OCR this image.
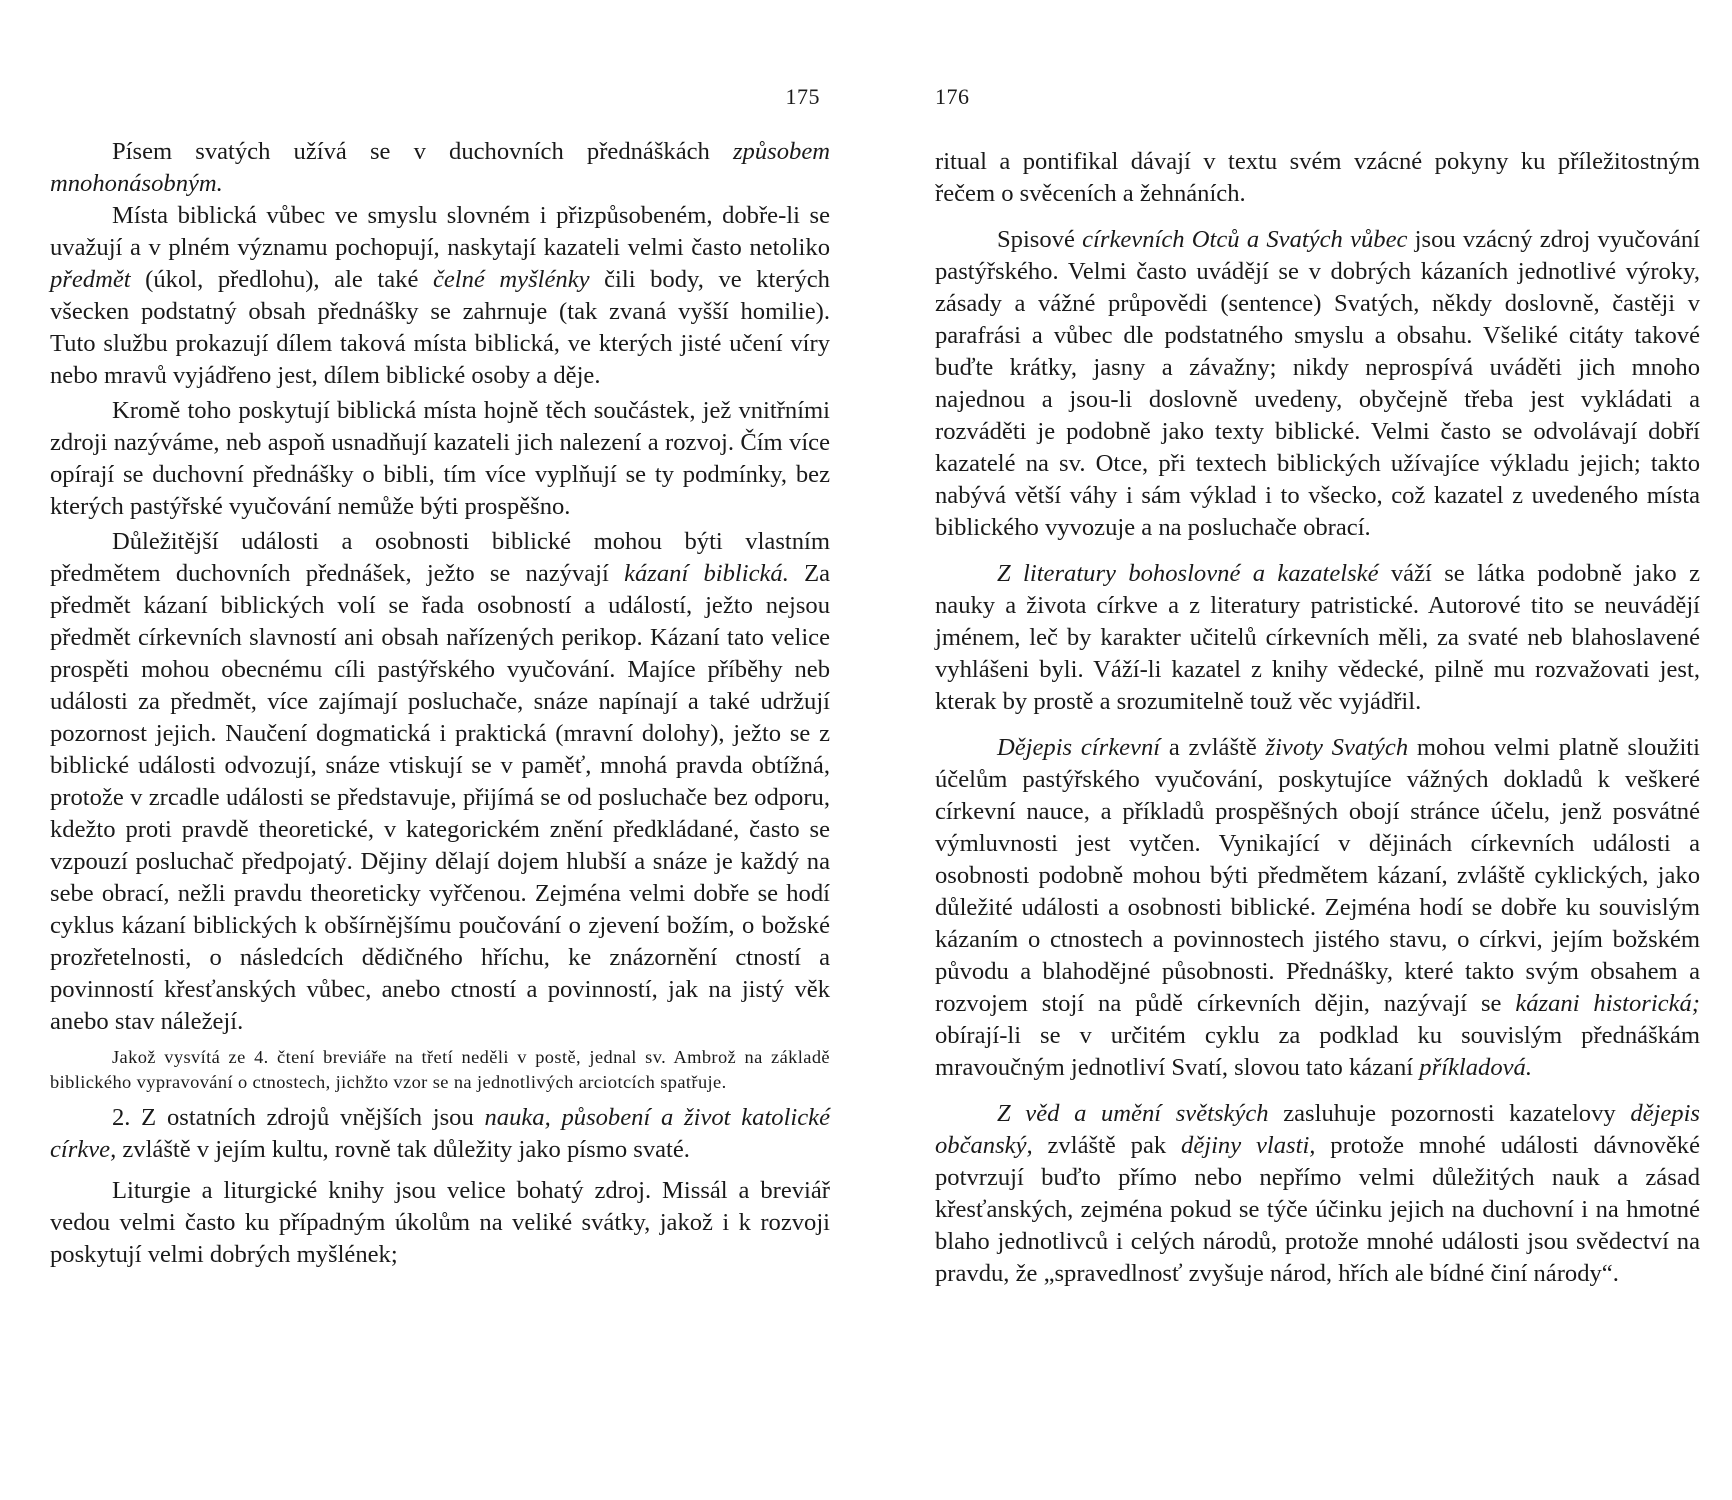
175

Písem svatých užívá se v duchovních přednáškách způsobem mnohonásobným.

Místa biblická vůbec ve smyslu slovném i přizpůsobeném, dobře-li se uvažují a v plném významu pochopují, naskytají kazateli velmi často netoliko předmět (úkol, předlohu), ale také čelné myšlénky čili body, ve kterých všecken podstatný obsah přednášky se zahrnuje (tak zvaná vyšší homilie). Tuto službu prokazují dílem taková místa biblická, ve kterých jisté učení víry nebo mravů vyjádřeno jest, dílem biblické osoby a děje.

Kromě toho poskytují biblická místa hojně těch součástek, jež vnitřními zdroji nazýváme, neb aspoň usnadňují kazateli jich nalezení a rozvoj. Čím více opírají se duchovní přednášky o bibli, tím více vyplňují se ty podmínky, bez kterých pastýřské vyučování nemůže býti prospěšno.

Důležitější události a osobnosti biblické mohou býti vlastním předmětem duchovních přednášek, ježto se nazývají kázaní biblická. Za předmět kázaní biblických volí se řada osobností a událostí, ježto nejsou předmět církevních slavností ani obsah nařízených perikop. Kázaní tato velice prospěti mohou obecnému cíli pastýřského vyučování. Majíce příběhy neb události za předmět, více zajímají posluchače, snáze napínají a také udržují pozornost jejich. Naučení dogmatická i praktická (mravní dolohy), ježto se z biblické události odvozují, snáze vtiskují se v paměť, mnohá pravda obtížná, protože v zrcadle události se představuje, přijímá se od posluchače bez odporu, kdežto proti pravdě theoretické, v kategorickém znění předkládané, často se vzpouzí posluchač předpojatý. Dějiny dělají dojem hlubší a snáze je každý na sebe obrací, nežli pravdu theoreticky vyřčenou. Zejména velmi dobře se hodí cyklus kázaní biblických k obšírnějšímu poučování o zjevení božím, o božské prozřetelnosti, o následcích dědičného hříchu, ke znázornění ctností a povinností křesťanských vůbec, anebo ctností a povinností, jak na jistý věk anebo stav náležejí.

Jakož vysvítá ze 4. čtení breviáře na třetí neděli v postě, jednal sv. Ambrož na základě biblického vypravování o ctnostech, jichžto vzor se na jednotlivých arciotcích spatřuje.

2. Z ostatních zdrojů vnějších jsou nauka, působení a život katolické církve, zvláště v jejím kultu, rovně tak důležity jako písmo svaté.

Liturgie a liturgické knihy jsou velice bohatý zdroj. Missál a breviář vedou velmi často ku případným úkolům na veliké svátky, jakož i k rozvoji poskytují velmi dobrých myšlének;

176

ritual a pontifikal dávají v textu svém vzácné pokyny ku příležitostným řečem o svěceních a žehnáních.

Spisové církevních Otců a Svatých vůbec jsou vzácný zdroj vyučování pastýřského. Velmi často uvádějí se v dobrých kázaních jednotlivé výroky, zásady a vážné průpovědi (sentence) Svatých, někdy doslovně, častěji v parafrási a vůbec dle podstatného smyslu a obsahu. Všeliké citáty takové buďte krátky, jasny a závažny; nikdy neprospívá uváděti jich mnoho najednou a jsou-li doslovně uvedeny, obyčejně třeba jest vykládati a rozváděti je podobně jako texty biblické. Velmi často se odvolávají dobří kazatelé na sv. Otce, při textech biblických užívajíce výkladu jejich; takto nabývá větší váhy i sám výklad i to všecko, což kazatel z uvedeného místa biblického vyvozuje a na posluchače obrací.

Z literatury bohoslovné a kazatelské váží se látka podobně jako z nauky a života církve a z literatury patristické. Autorové tito se neuvádějí jménem, leč by karakter učitelů církevních měli, za svaté neb blahoslavené vyhlášeni byli. Váží-li kazatel z knihy vědecké, pilně mu rozvažovati jest, kterak by prostě a srozumitelně touž věc vyjádřil.

Dějepis církevní a zvláště životy Svatých mohou velmi platně sloužiti účelům pastýřského vyučování, poskytujíce vážných dokladů k veškeré církevní nauce, a příkladů prospěšných obojí stránce účelu, jenž posvátné výmluvnosti jest vytčen. Vynikající v dějinách církevních události a osobnosti podobně mohou býti předmětem kázaní, zvláště cyklických, jako důležité události a osobnosti biblické. Zejména hodí se dobře ku souvislým kázaním o ctnostech a povinnostech jistého stavu, o církvi, jejím božském původu a blahodějné působnosti. Přednášky, které takto svým obsahem a rozvojem stojí na půdě církevních dějin, nazývají se kázani historická; obírají-li se v určitém cyklu za podklad ku souvislým přednáškám mravoučným jednotliví Svatí, slovou tato kázaní příkladová.

Z věd a umění světských zasluhuje pozornosti kazatelovy dějepis občanský, zvláště pak dějiny vlasti, protože mnohé události dávnověké potvrzují buďto přímo nebo nepřímo velmi důležitých nauk a zásad křesťanských, zejména pokud se týče účinku jejich na duchovní i na hmotné blaho jednotlivců i celých národů, protože mnohé události jsou svědectví na pravdu, že „spravedlnosť zvyšuje národ, hřích ale bídné činí národy“.
